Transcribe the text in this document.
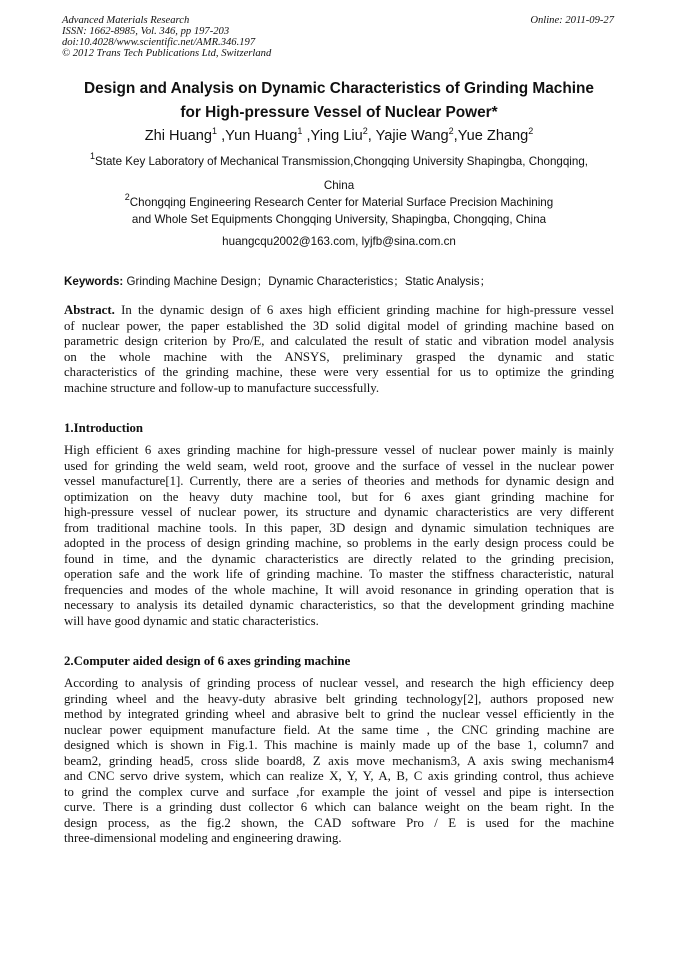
Advanced Materials Research
ISSN: 1662-8985, Vol. 346, pp 197-203
doi:10.4028/www.scientific.net/AMR.346.197
© 2012 Trans Tech Publications Ltd, Switzerland
Online: 2011-09-27
Design and Analysis on Dynamic Characteristics of Grinding Machine
for High-pressure Vessel of Nuclear Power*
Zhi Huang$^1$ ,Yun Huang$^1$ ,Ying Liu$^2$, Yajie Wang$^2$,Yue Zhang$^2$
$^1$State Key Laboratory of Mechanical Transmission,Chongqing University Shapingba, Chongqing,
China
$^2$Chongqing Engineering Research Center for Material Surface Precision Machining
and Whole Set Equipments Chongqing University, Shapingba, Chongqing, China
huangcqu2002@163.com, lyjfb@sina.com.cn
Keywords: Grinding Machine Design；Dynamic Characteristics；Static Analysis；
Abstract. In the dynamic design of 6 axes high efficient grinding machine for high-pressure vessel
of nuclear power, the paper established the 3D solid digital model of grinding machine based on
parametric design criterion by Pro/E, and calculated the result of static and vibration model analysis
on the whole machine with the ANSYS, preliminary grasped the dynamic and static
characteristics of the grinding machine, these were very essential for us to optimize the grinding
machine structure and follow-up to manufacture successfully.
1.Introduction
High efficient 6 axes grinding machine for high-pressure vessel of nuclear power mainly is mainly
used for grinding the weld seam, weld root, groove and the surface of vessel in the nuclear power
vessel manufacture[1]. Currently, there are a series of theories and methods for dynamic design and
optimization on the heavy duty machine tool, but for 6 axes giant grinding machine for
high-pressure vessel of nuclear power, its structure and dynamic characteristics are very different
from traditional machine tools. In this paper, 3D design and dynamic simulation techniques are
adopted in the process of design grinding machine, so problems in the early design process could be
found in time, and the dynamic characteristics are directly related to the grinding precision,
operation safe and the work life of grinding machine. To master the stiffness characteristic, natural
frequencies and modes of the whole machine, It will avoid resonance in grinding operation that is
necessary to analysis its detailed dynamic characteristics, so that the development grinding machine
will have good dynamic and static characteristics.
2.Computer aided design of 6 axes grinding machine
According to analysis of grinding process of nuclear vessel, and research the high efficiency deep
grinding wheel and the heavy-duty abrasive belt grinding technology[2], authors proposed new
method by integrated grinding wheel and abrasive belt to grind the nuclear vessel efficiently in the
nuclear power equipment manufacture field. At the same time , the CNC grinding machine are
designed which is shown in Fig.1. This machine is mainly made up of the base 1, column7 and
beam2, grinding head5, cross slide board8, Z axis move mechanism3, A axis swing mechanism4
and CNC servo drive system, which can realize X, Y, Y, A, B, C axis grinding control, thus achieve
to grind the complex curve and surface ,for example the joint of vessel and pipe is intersection
curve. There is a grinding dust collector 6 which can balance weight on the beam right. In the
design process, as the fig.2 shown, the CAD software Pro / E is used for the machine
three-dimensional modeling and engineering drawing.
